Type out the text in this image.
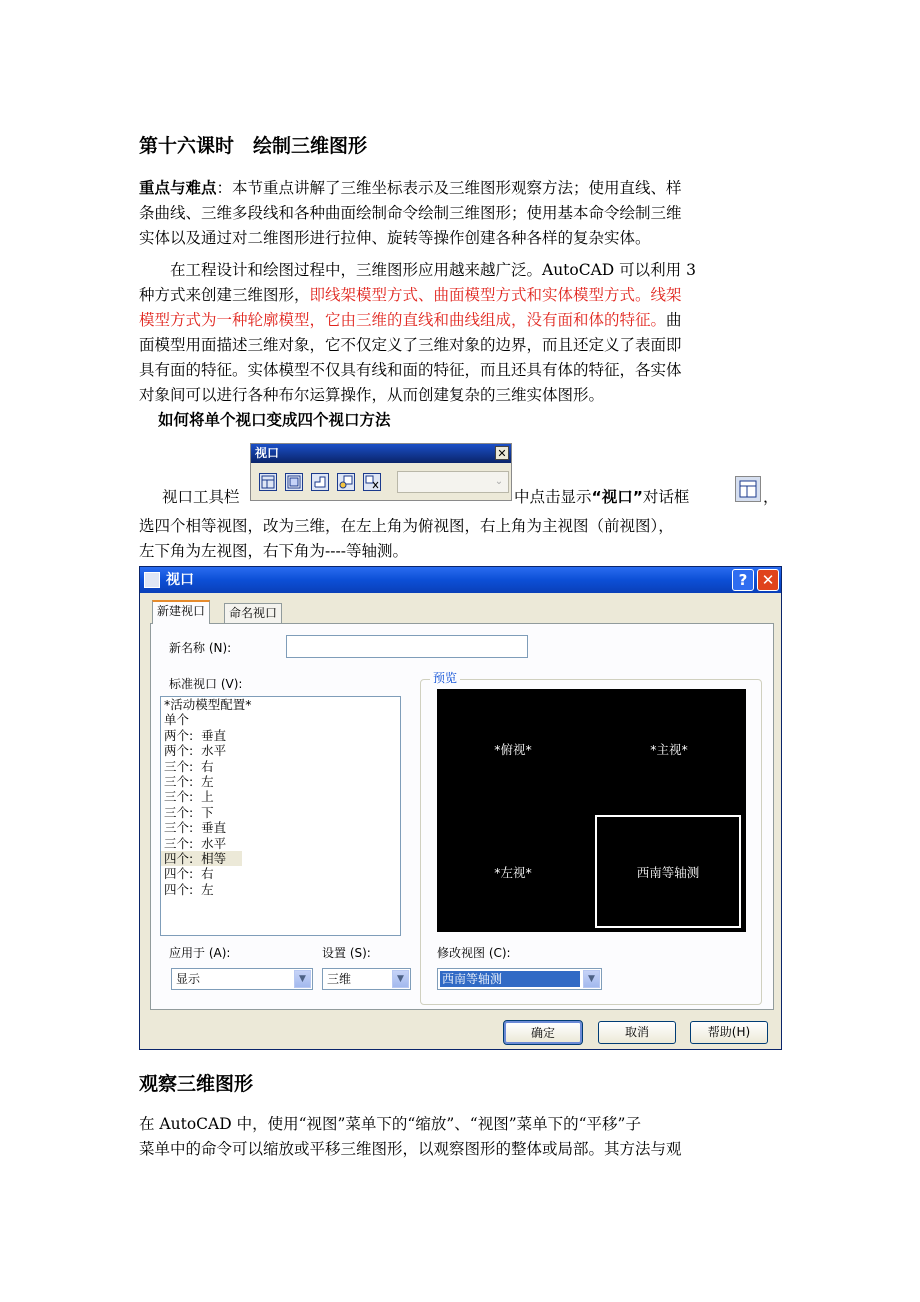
第十六课时　绘制三维图形
重点与难点：本节重点讲解了三维坐标表示及三维图形观察方法；使用直线、样
条曲线、三维多段线和各种曲面绘制命令绘制三维图形；使用基本命令绘制三维
实体以及通过对二维图形进行拉伸、旋转等操作创建各种各样的复杂实体。
在工程设计和绘图过程中，三维图形应用越来越广泛。AutoCAD 可以利用 3
种方式来创建三维图形，即线架模型方式、曲面模型方式和实体模型方式。线架
模型方式为一种轮廓模型，它由三维的直线和曲线组成，没有面和体的特征。曲
面模型用面描述三维对象，它不仅定义了三维对象的边界，而且还定义了表面即
具有面的特征。实体模型不仅具有线和面的特征，而且还具有体的特征，各实体
对象间可以进行各种布尔运算操作，从而创建复杂的三维实体图形。
如何将单个视口变成四个视口方法
视口	✕
⌄
视口工具栏	中点击显示“视口”对话框	，
选四个相等视图，改为三维，在左上角为俯视图，右上角为主视图（前视图），
左下角为左视图，右下角为----等轴测。
视口	? ✕
新建视口	命名视口
新名称 (N):
标准视口 (V):
*活动模型配置*
单个
两个:  垂直
两个:  水平
三个:  右
三个:  左
三个:  上
三个:  下
三个:  垂直
三个:  水平
四个:  相等
四个:  右
四个:  左
预览
*俯视*	*主视*
*左视*	西南等轴测
应用于 (A):
显示	▼
设置 (S):
三维	▼
修改视图 (C):
西南等轴测	▼
确定	取消	帮助(H)
观察三维图形
在 AutoCAD 中，使用“视图”菜单下的“缩放”、“视图”菜单下的“平移”子
菜单中的命令可以缩放或平移三维图形，以观察图形的整体或局部。其方法与观
